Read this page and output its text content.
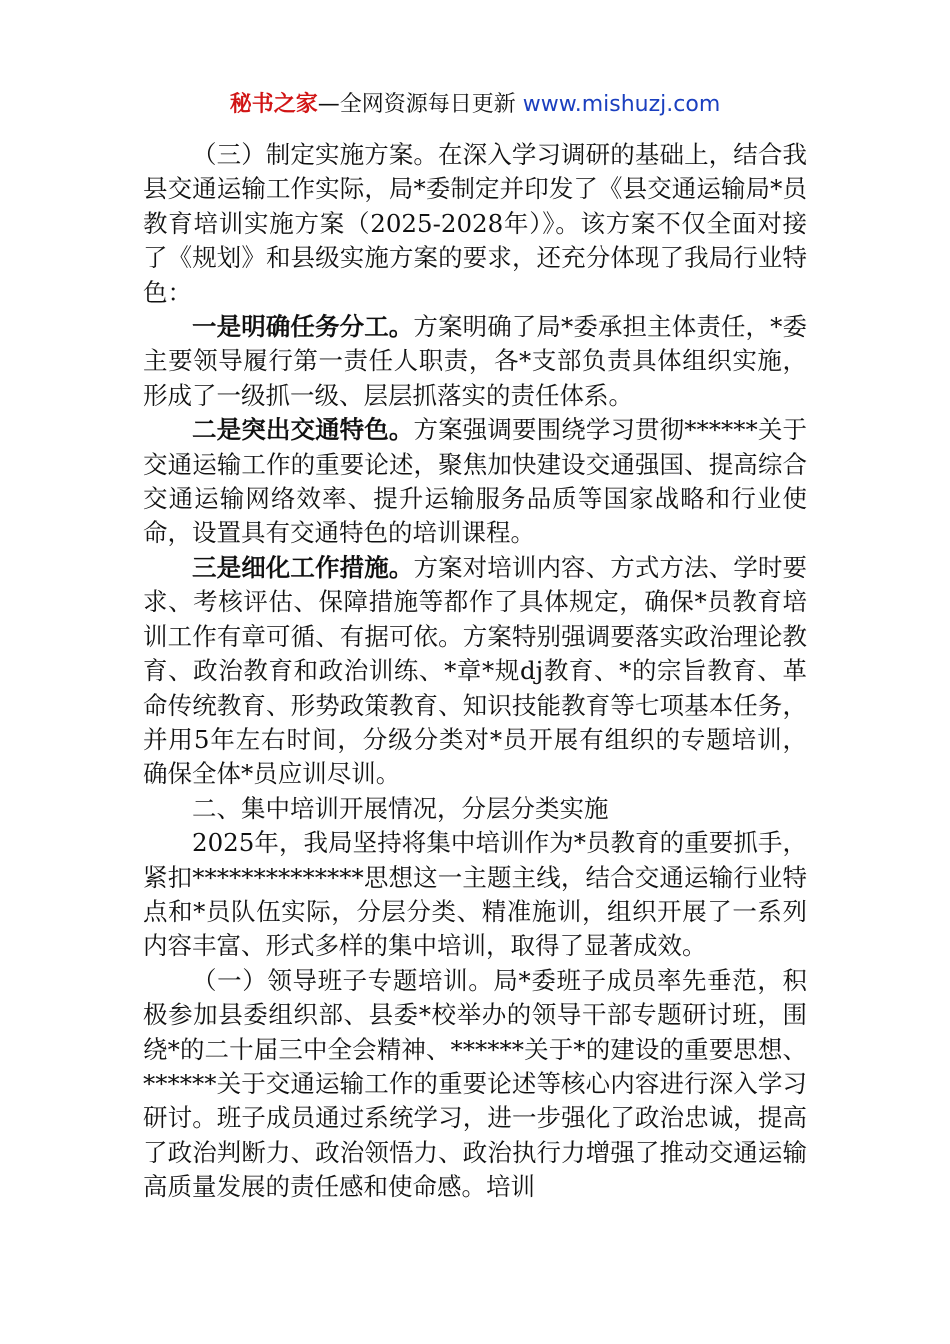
秘书之家—全网资源每日更新 www.mishuzj.com

（三）制定实施方案。在深入学习调研的基础上，结合我县交通运输工作实际，局*委制定并印发了《县交通运输局*员教育培训实施方案（2025-2028年）》。该方案不仅全面对接了《规划》和县级实施方案的要求，还充分体现了我局行业特色：

一是明确任务分工。方案明确了局*委承担主体责任，*委主要领导履行第一责任人职责，各*支部负责具体组织实施，形成了一级抓一级、层层抓落实的责任体系。

二是突出交通特色。方案强调要围绕学习贯彻******关于交通运输工作的重要论述，聚焦加快建设交通强国、提高综合交通运输网络效率、提升运输服务品质等国家战略和行业使命，设置具有交通特色的培训课程。

三是细化工作措施。方案对培训内容、方式方法、学时要求、考核评估、保障措施等都作了具体规定，确保*员教育培训工作有章可循、有据可依。方案特别强调要落实政治理论教育、政治教育和政治训练、*章*规dj教育、*的宗旨教育、革命传统教育、形势政策教育、知识技能教育等七项基本任务，并用5年左右时间，分级分类对*员开展有组织的专题培训，确保全体*员应训尽训。

二、集中培训开展情况，分层分类实施

2025年，我局坚持将集中培训作为*员教育的重要抓手，紧扣**************思想这一主题主线，结合交通运输行业特点和*员队伍实际，分层分类、精准施训，组织开展了一系列内容丰富、形式多样的集中培训，取得了显著成效。

（一）领导班子专题培训。局*委班子成员率先垂范，积极参加县委组织部、县委*校举办的领导干部专题研讨班，围绕*的二十届三中全会精神、******关于*的建设的重要思想、******关于交通运输工作的重要论述等核心内容进行深入学习研讨。班子成员通过系统学习，进一步强化了政治忠诚，提高了政治判断力、政治领悟力、政治执行力增强了推动交通运输高质量发展的责任感和使命感。培训
